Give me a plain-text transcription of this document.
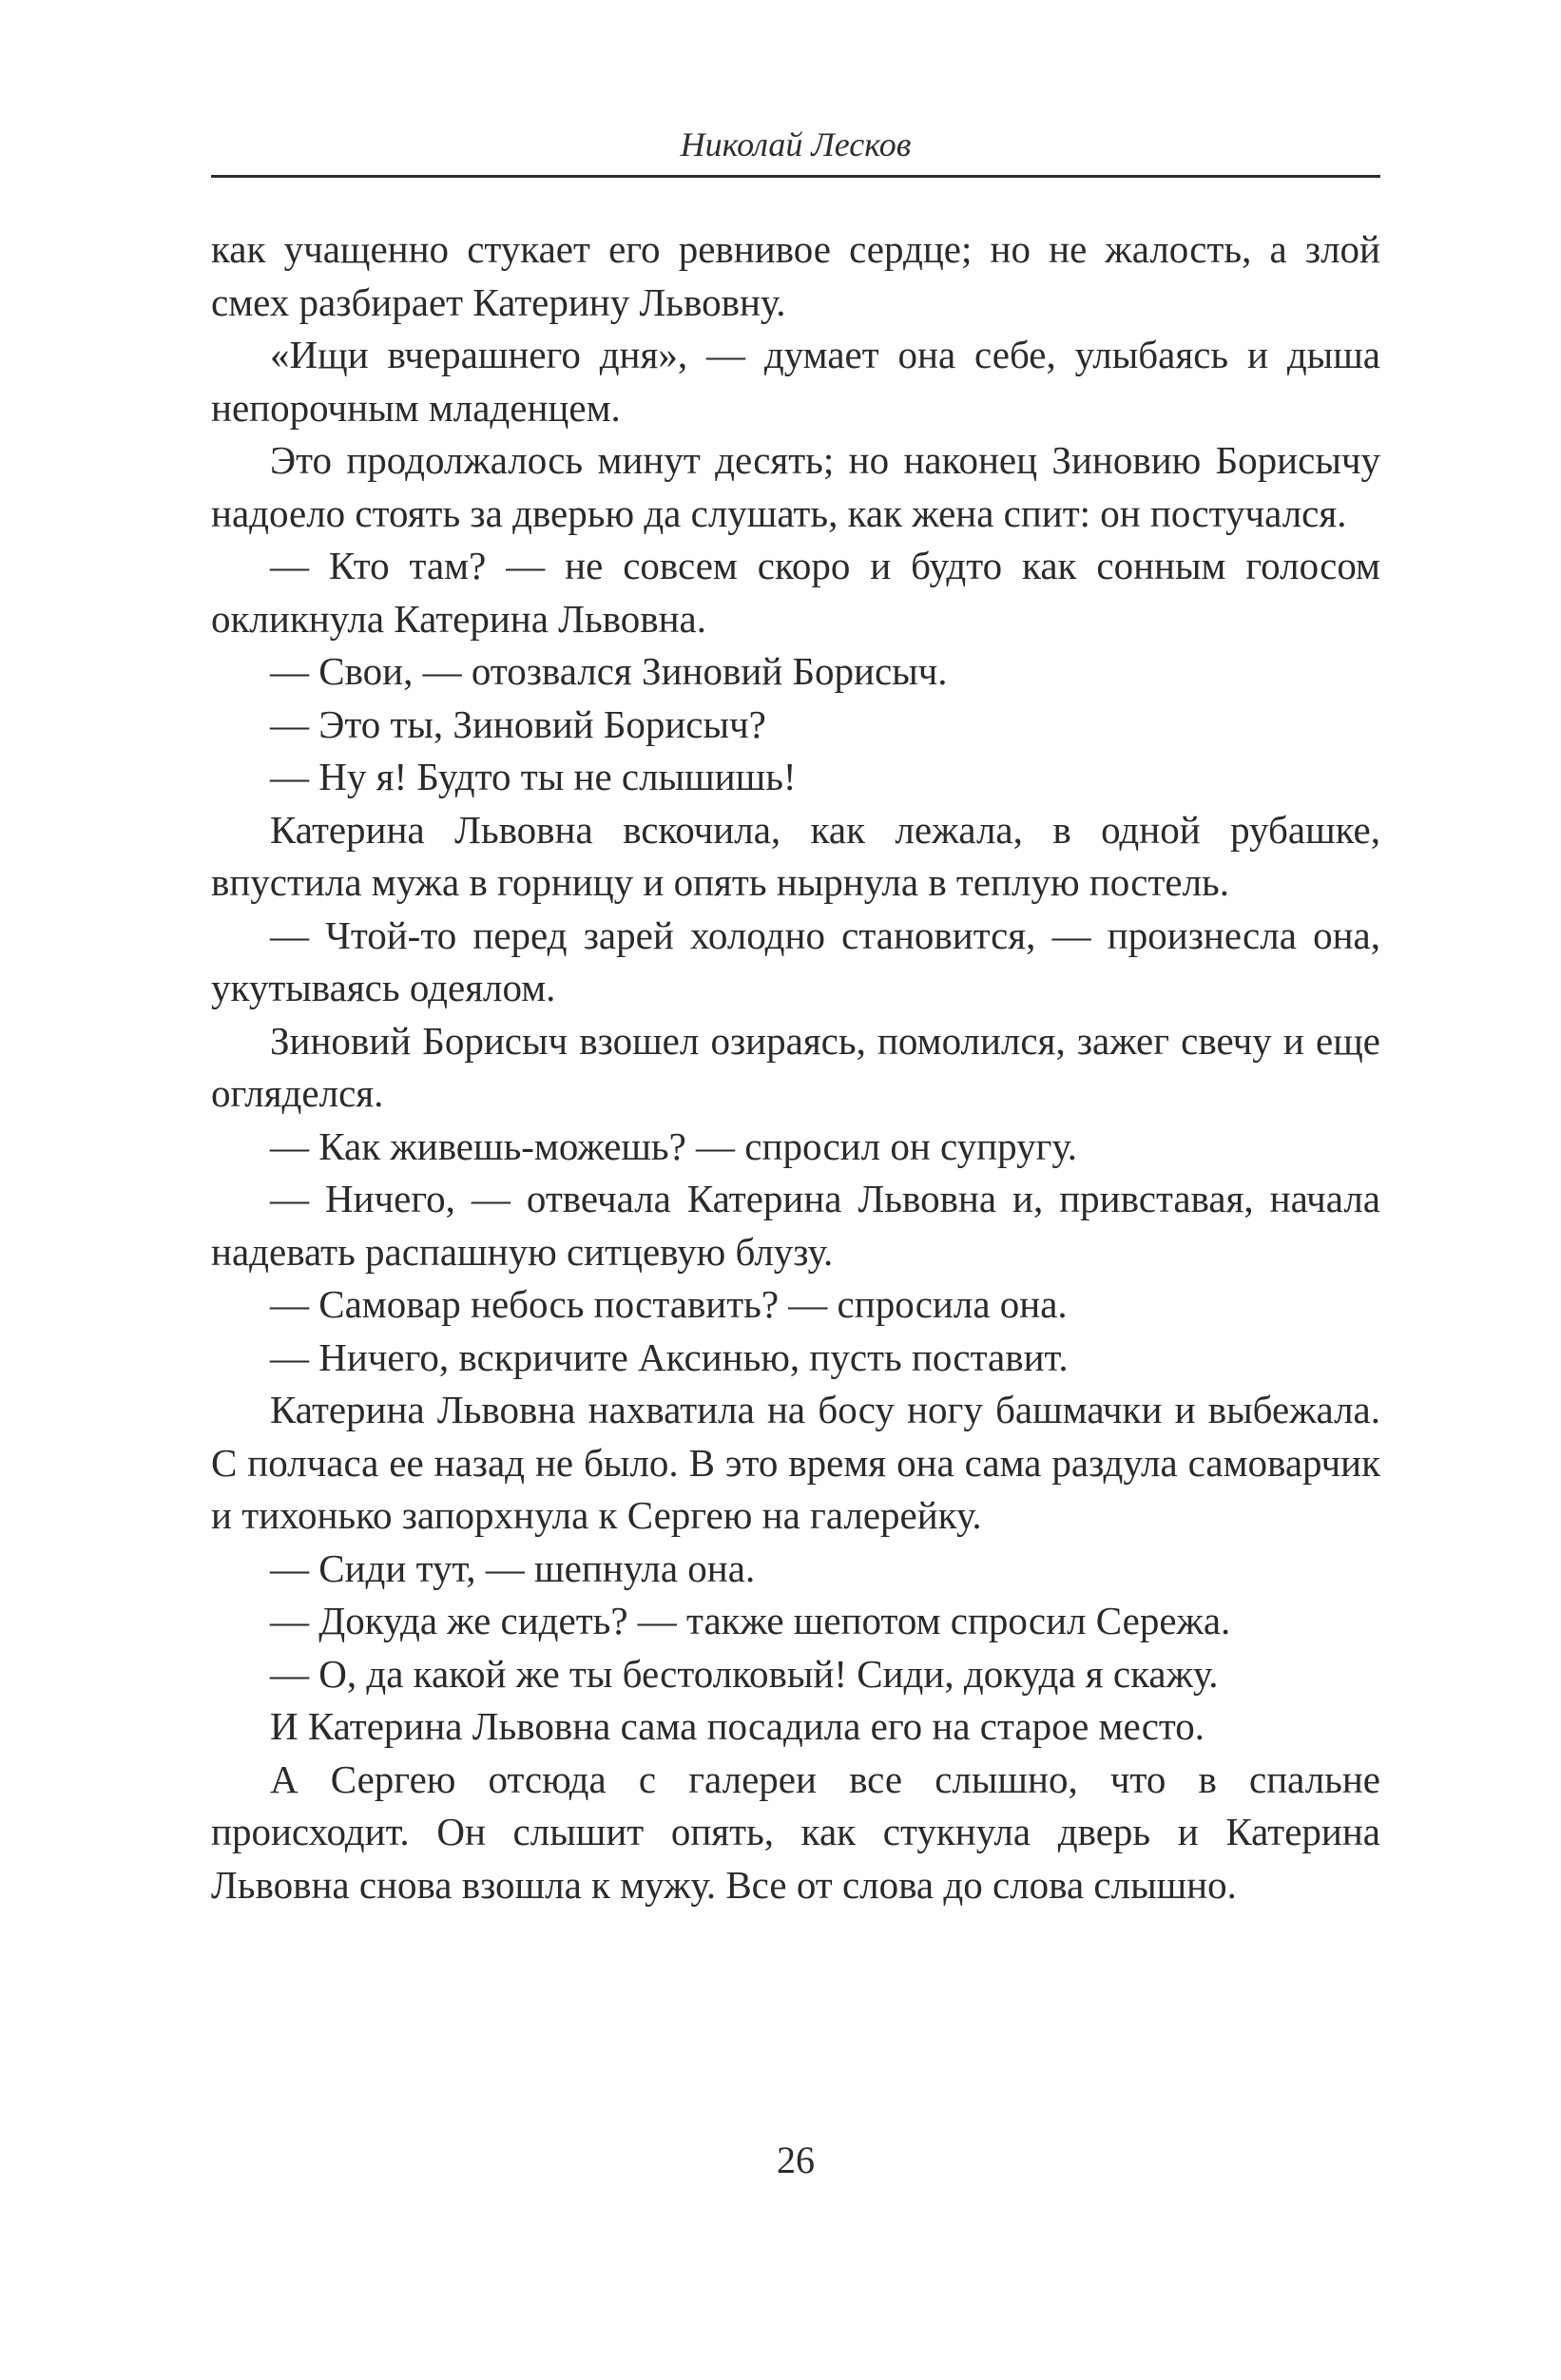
Николай Лесков

как учащенно стукает его ревнивое сердце; но не жалость, а злой смех разбирает Катерину Львовну.

«Ищи вчерашнего дня», — думает она себе, улыбаясь и дыша непорочным младенцем.

Это продолжалось минут десять; но наконец Зиновию Борисычу надоело стоять за дверью да слушать, как жена спит: он постучался.

— Кто там? — не совсем скоро и будто как сонным голосом окликнула Катерина Львовна.

— Свои, — отозвался Зиновий Борисыч.

— Это ты, Зиновий Борисыч?

— Ну я! Будто ты не слышишь!

Катерина Львовна вскочила, как лежала, в одной рубашке, впустила мужа в горницу и опять нырнула в теплую постель.

— Чтой-то перед зарей холодно становится, — произнесла она, укутываясь одеялом.

Зиновий Борисыч взошел озираясь, помолился, зажег свечу и еще огляделся.

— Как живешь-можешь? — спросил он супругу.

— Ничего, — отвечала Катерина Львовна и, привставая, начала надевать распашную ситцевую блузу.

— Самовар небось поставить? — спросила она.

— Ничего, вскричите Аксинью, пусть поставит.

Катерина Львовна нахватила на босу ногу башмачки и выбежала. С полчаса ее назад не было. В это время она сама раздула самоварчик и тихонько запорхнула к Сергею на галерейку.

— Сиди тут, — шепнула она.

— Докуда же сидеть? — также шепотом спросил Сережа.

— О, да какой же ты бестолковый! Сиди, докуда я скажу.

И Катерина Львовна сама посадила его на старое место.

А Сергею отсюда с галереи все слышно, что в спальне происходит. Он слышит опять, как стукнула дверь и Катерина Львовна снова взошла к мужу. Все от слова до слова слышно.

26
